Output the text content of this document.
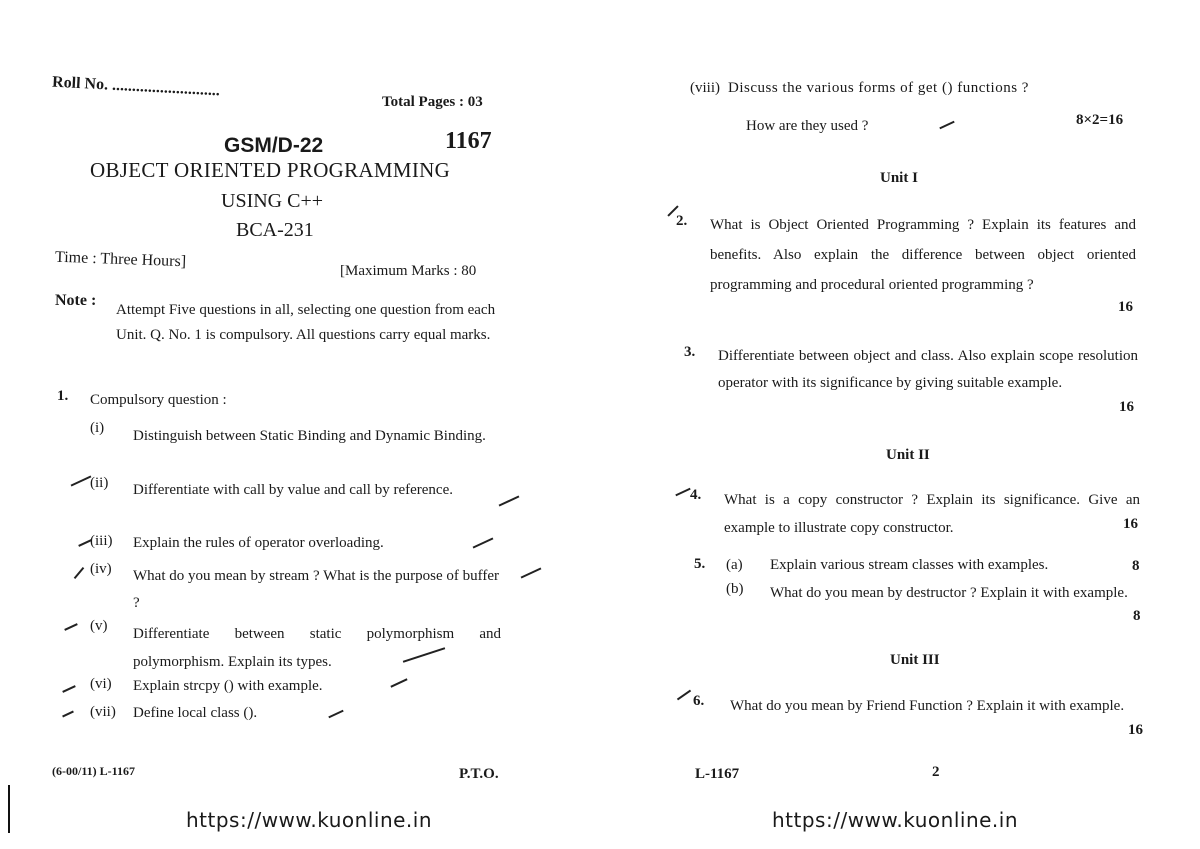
Roll No. ...........................
Total Pages : 03
GSM/D-22	1167
OBJECT ORIENTED PROGRAMMING
USING C++
BCA-231
Time : Three Hours]
[Maximum Marks : 80
Note :
Attempt Five questions in all, selecting one question from each Unit. Q. No. 1 is compulsory. All questions carry equal marks.
1. Compulsory question :
(i) Distinguish between Static Binding and Dynamic Binding.
(ii) Differentiate with call by value and call by reference.
(iii) Explain the rules of operator overloading.
(iv) What do you mean by stream ? What is the purpose of buffer ?
(v) Differentiate between static polymorphism and polymorphism. Explain its types.
(vi) Explain strcpy () with example.
(vii) Define local class ().
(6-00/11) L-1167	P.T.O.
https://www.kuonline.in
(viii) Discuss the various forms of get () functions ?
How are they used ?	8×2=16
Unit I
2. What is Object Oriented Programming ? Explain its features and benefits. Also explain the difference between object oriented programming and procedural oriented programming ?
16
3. Differentiate between object and class. Also explain scope resolution operator with its significance by giving suitable example.
16
Unit II
4. What is a copy constructor ? Explain its significance. Give an example to illustrate copy constructor.	16
5. (a) Explain various stream classes with examples.	8
(b) What do you mean by destructor ? Explain it with example.
8
Unit III
6. What do you mean by Friend Function ? Explain it with example.
16
L-1167	2
https://www.kuonline.in
